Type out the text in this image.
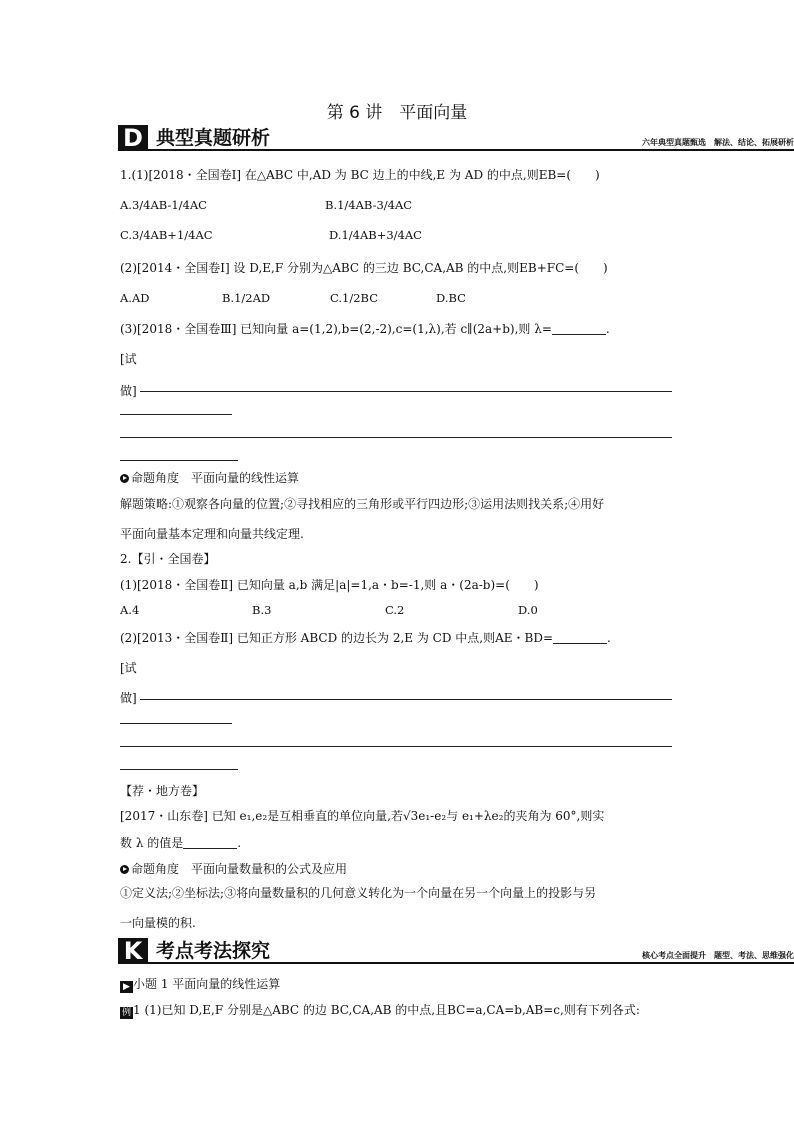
第 6 讲　平面向量
D 典型真题研析	六年典型真题甄选　解法、结论、拓展研析
1.(1)[2018・全国卷Ⅰ] 在△ABC 中,AD 为 BC 边上的中线,E 为 AD 的中点,则EB=(　　)
A.3/4AB-1/4AC	B.1/4AB-3/4AC
C.3/4AB+1/4AC	D.1/4AB+3/4AC
(2)[2014・全国卷Ⅰ] 设 D,E,F 分别为△ABC 的三边 BC,CA,AB 的中点,则EB+FC=(　　)
A.AD	B.1/2AD	C.1/2BC	D.BC
(3)[2018・全国卷Ⅲ] 已知向量 a=(1,2),b=(2,-2),c=(1,λ),若 c∥(2a+b),则 λ=	.
[试
做]
命题角度　平面向量的线性运算
解题策略:①观察各向量的位置;②寻找相应的三角形或平行四边形;③运用法则找关系;④用好
平面向量基本定理和向量共线定理.
2.【引・全国卷】
(1)[2018・全国卷Ⅱ] 已知向量 a,b 满足|a|=1,a・b=-1,则 a・(2a-b)=(　　)
A.4	B.3	C.2	D.0
(2)[2013・全国卷Ⅱ] 已知正方形 ABCD 的边长为 2,E 为 CD 中点,则AE・BD=	.
[试
做]
【荐・地方卷】
[2017・山东卷] 已知 e₁,e₂是互相垂直的单位向量,若√3e₁-e₂与 e₁+λe₂的夹角为 60°,则实
数 λ 的值是	.
命题角度　平面向量数量积的公式及应用
①定义法;②坐标法;③将向量数量积的几何意义转化为一个向量在另一个向量上的投影与另
一向量模的积.
K 考点考法探究	核心考点全面提升　题型、考法、思维强化
▶ 小题 1 平面向量的线性运算
例 1 (1)已知 D,E,F 分别是△ABC 的边 BC,CA,AB 的中点,且BC=a,CA=b,AB=c,则有下列各式:
